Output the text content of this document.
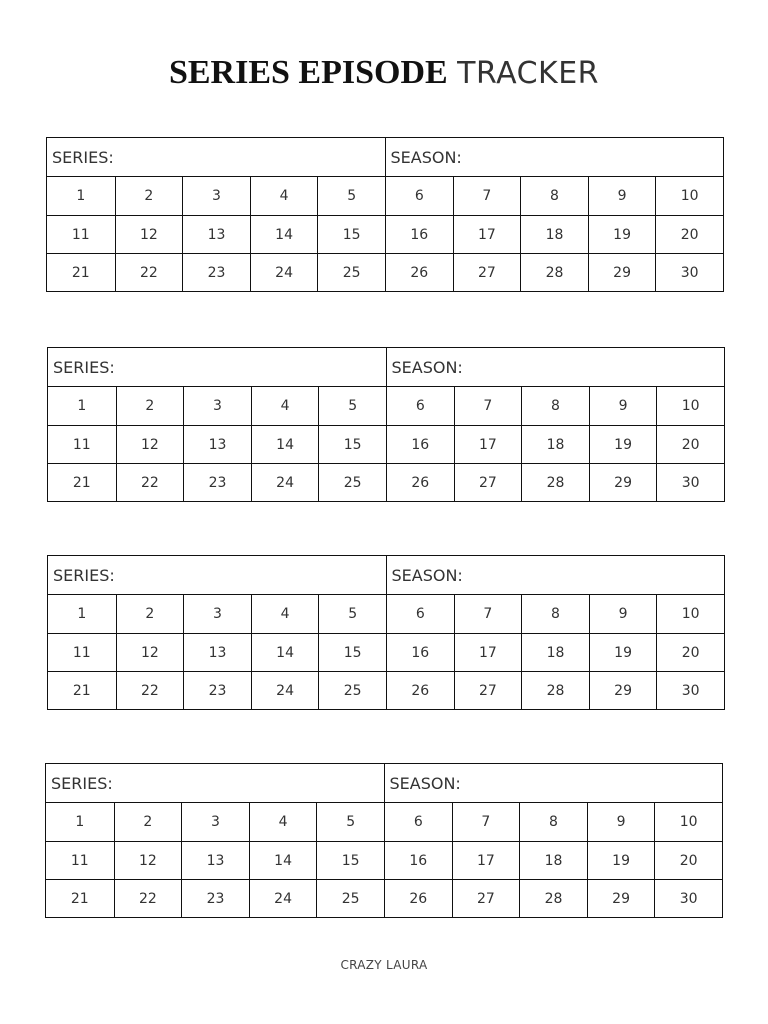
SERIES EPISODE TRACKER
SERIES:	SEASON:
1	2	3	4	5	6	7	8	9	10
11	12	13	14	15	16	17	18	19	20
21	22	23	24	25	26	27	28	29	30
SERIES:	SEASON:
1	2	3	4	5	6	7	8	9	10
11	12	13	14	15	16	17	18	19	20
21	22	23	24	25	26	27	28	29	30
SERIES:	SEASON:
1	2	3	4	5	6	7	8	9	10
11	12	13	14	15	16	17	18	19	20
21	22	23	24	25	26	27	28	29	30
SERIES:	SEASON:
1	2	3	4	5	6	7	8	9	10
11	12	13	14	15	16	17	18	19	20
21	22	23	24	25	26	27	28	29	30
CRAZY LAURA
